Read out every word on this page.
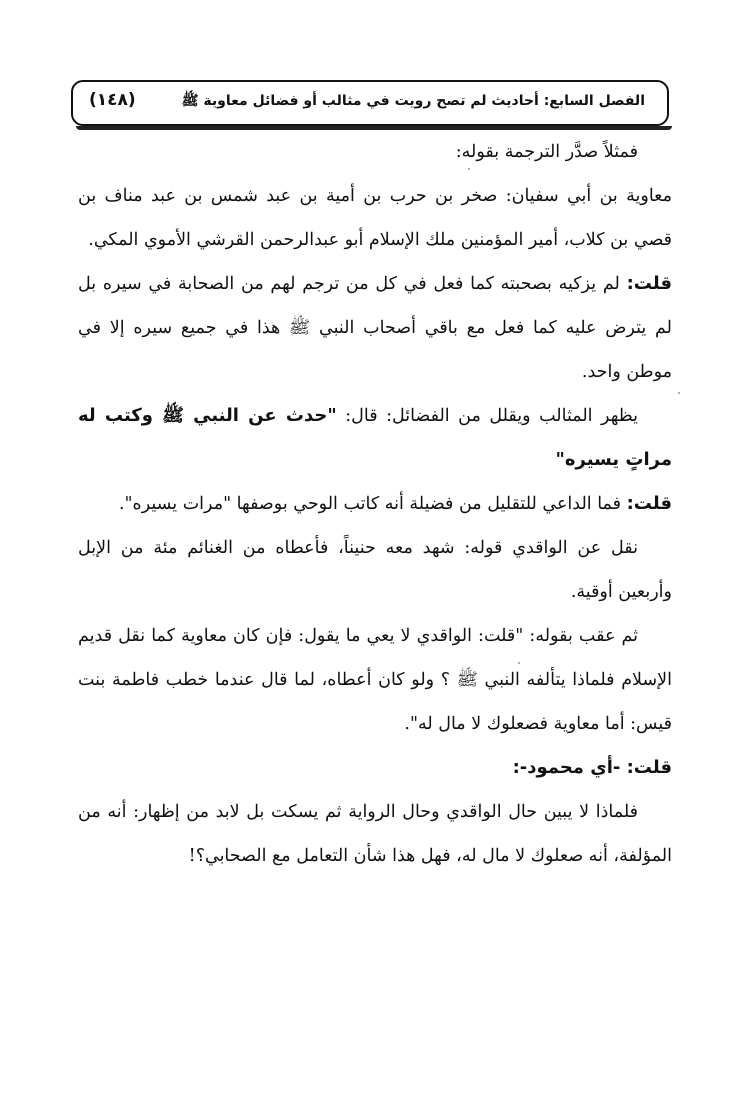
الفصل السابع: أحاديث لم تصح رويت في مثالب أو فضائل معاوية ﷺ
(١٤٨)

فمثلاً صدَّر الترجمة بقوله:

معاوية بن أبي سفيان: صخر بن حرب بن أمية بن عبد شمس بن عبد مناف بن قصي بن كلاب، أمير المؤمنين ملك الإسلام أبو عبدالرحمن القرشي الأموي المكي.

قلت: لم يزكيه بصحبته كما فعل في كل من ترجم لهم من الصحابة في سيره بل لم يترض عليه كما فعل مع باقي أصحاب النبي ﷺ هذا في جميع سيره إلا في موطن واحد.

يظهر المثالب ويقلل من الفضائل: قال: "حدث عن النبي ﷺ وكتب له مراتٍ يسيره"

قلت: فما الداعي للتقليل من فضيلة أنه كاتب الوحي بوصفها "مرات يسيره".

نقل عن الواقدي قوله: شهد معه حنيناً، فأعطاه من الغنائم مئة من الإبل وأربعين أوقية.

ثم عقب بقوله: "قلت: الواقدي لا يعي ما يقول: فإن كان معاوية كما نقل قديم الإسلام فلماذا يتألفه النبي ﷺ ؟ ولو كان أعطاه، لما قال عندما خطب فاطمة بنت قيس: أما معاوية فصعلوك لا مال له".

قلت: -أي محمود-:

فلماذا لا يبين حال الواقدي وحال الرواية ثم يسكت بل لابد من إظهار: أنه من المؤلفة، أنه صعلوك لا مال له، فهل هذا شأن التعامل مع الصحابي؟!
